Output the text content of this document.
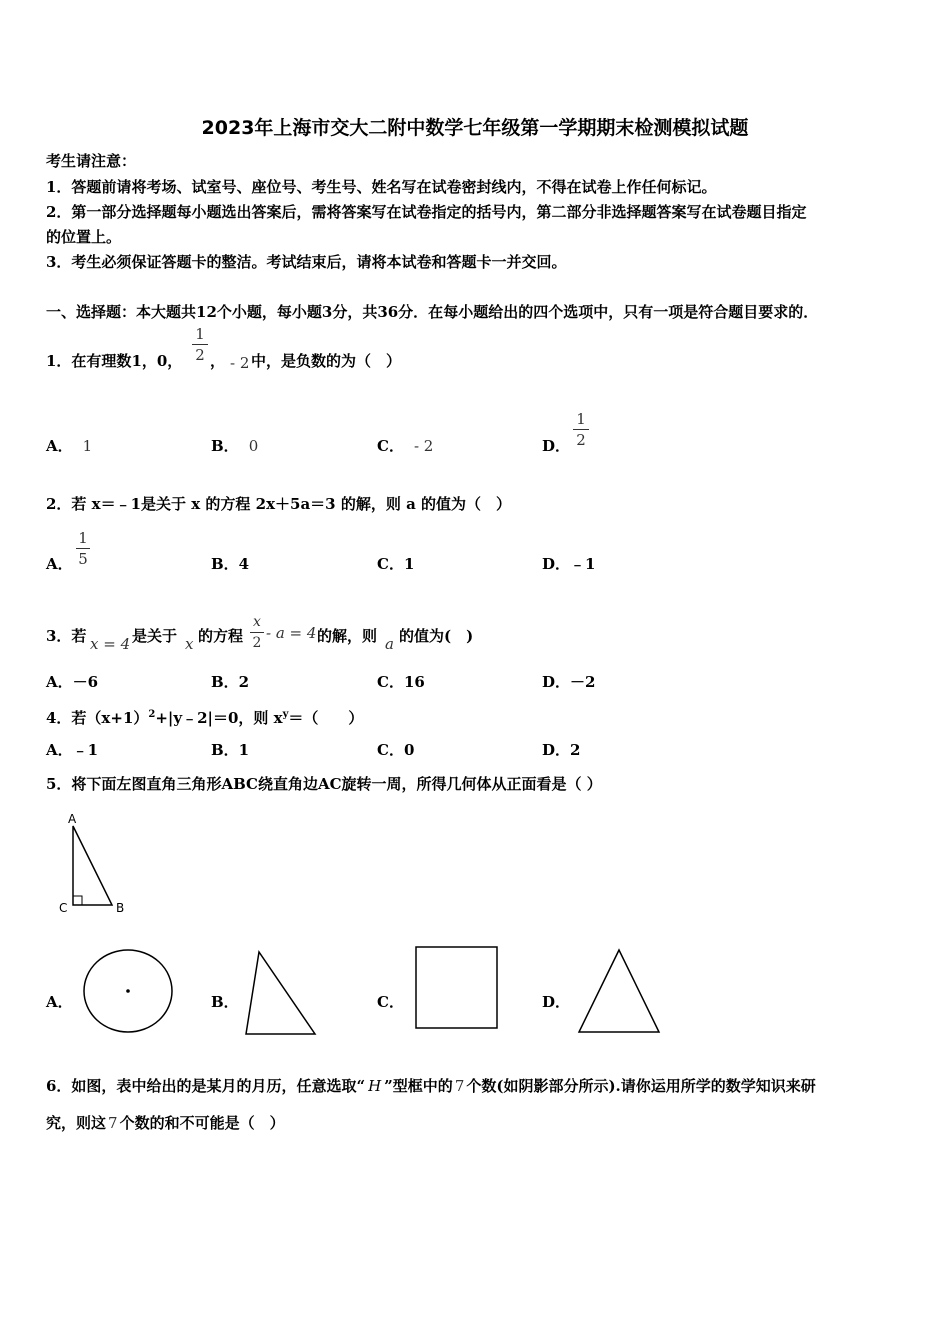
2023年上海市交大二附中数学七年级第一学期期末检测模拟试题
考生请注意：
1．答题前请将考场、试室号、座位号、考生号、姓名写在试卷密封线内，不得在试卷上作任何标记。
2．第一部分选择题每小题选出答案后，需将答案写在试卷指定的括号内，第二部分非选择题答案写在试卷题目指定
的位置上。
3．考生必须保证答题卡的整洁。考试结束后，请将本试卷和答题卡一并交回。
一、选择题：本大题共12个小题，每小题3分，共36分．在每小题给出的四个选项中，只有一项是符合题目要求的．
1．在有理数1，0，
1
2 ， - 2 中，是负数的为（　）
A． 1	B． 0	C． - 2	D．
1
2
2．若 x＝﹣1是关于 x 的方程 2x＋5a＝3 的解，则 a 的值为（　）
A．
1
5	B．4	C．1	D．﹣1
3．若 x = 4 是关于 x 的方程
x
2
- a = 4 的解，则 a 的值为(　)
A．－6	B．2	C．16	D．－2
4．若$(x+1)^2+|y﹣2|=0$，则 $x^y=$（　　）
A．﹣1	B．1	C．0	D．2
5．将下面左图直角三角形ABC绕直角边AC旋转一周，所得几何体从正面看是（ ）
A
C	B
A．	B．	C．	D．
6．如图，表中给出的是某月的月历，任意选取“ H ”型框中的 7 个数(如阴影部分所示).请你运用所学的数学知识来研
究，则这 7 个数的和不可能是（　）
